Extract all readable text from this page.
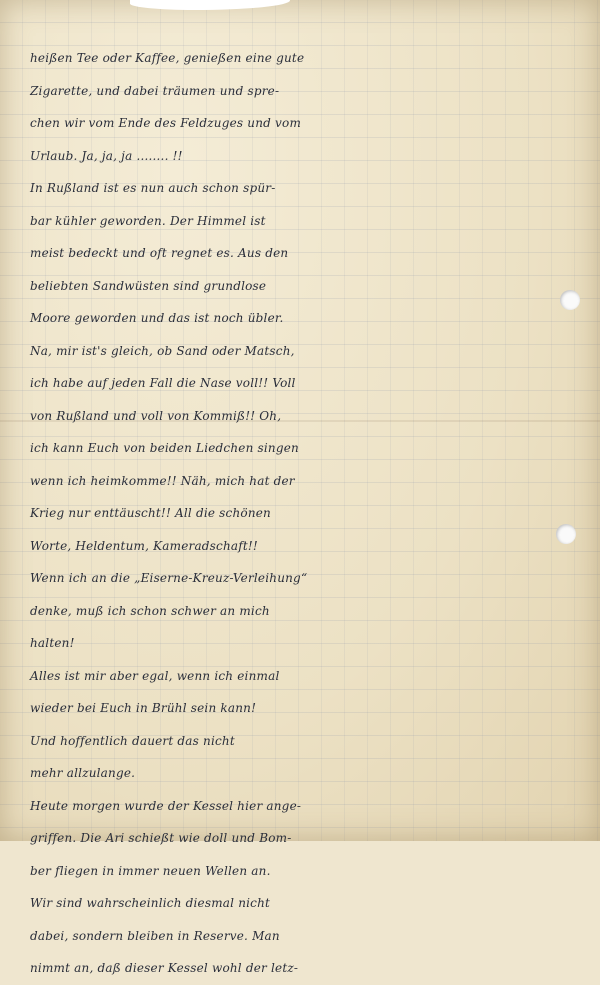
heißen Tee oder Kaffee, genießen eine gute
Zigarette, und dabei träumen und spre-
chen wir vom Ende des Feldzuges und vom
Urlaub. Ja, ja, ja ........ !!
In Rußland ist es nun auch schon spür-
bar kühler geworden. Der Himmel ist
meist bedeckt und oft regnet es. Aus den
beliebten Sandwüsten sind grundlose
Moore geworden und das ist noch übler.
Na, mir ist's gleich, ob Sand oder Matsch,
ich habe auf jeden Fall die Nase voll!! Voll
von Rußland und voll von Kommiß!! Oh,
ich kann Euch von beiden Liedchen singen
wenn ich heimkomme!! Näh, mich hat der
Krieg nur enttäuscht!! All die schönen
Worte, Heldentum, Kameradschaft!!
Wenn ich an die „Eiserne-Kreuz-Verleihung“
denke, muß ich schon schwer an mich
halten!
Alles ist mir aber egal, wenn ich einmal
wieder bei Euch in Brühl sein kann!
Und hoffentlich dauert das nicht
mehr allzulange.
Heute morgen wurde der Kessel hier ange-
griffen. Die Ari schießt wie doll und Bom-
ber fliegen in immer neuen Wellen an.
Wir sind wahrscheinlich diesmal nicht
dabei, sondern bleiben in Reserve. Man
nimmt an, daß dieser Kessel wohl der letz-
